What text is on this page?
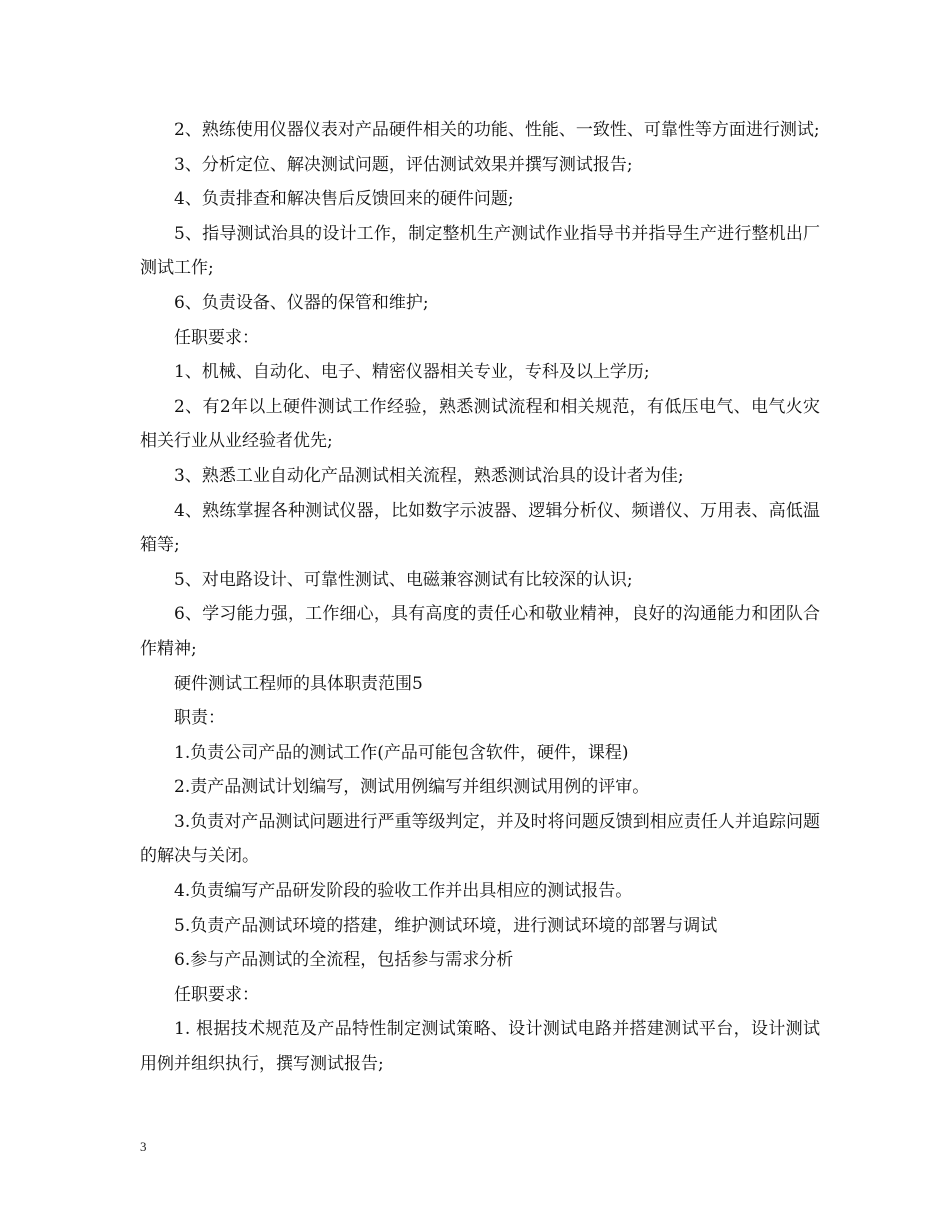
2、熟练使用仪器仪表对产品硬件相关的功能、性能、一致性、可靠性等方面进行测试;

3、分析定位、解决测试问题，评估测试效果并撰写测试报告;

4、负责排查和解决售后反馈回来的硬件问题;

5、指导测试治具的设计工作，制定整机生产测试作业指导书并指导生产进行整机出厂测试工作;

6、负责设备、仪器的保管和维护;

任职要求：

1、机械、自动化、电子、精密仪器相关专业，专科及以上学历;

2、有2年以上硬件测试工作经验，熟悉测试流程和相关规范，有低压电气、电气火灾相关行业从业经验者优先;

3、熟悉工业自动化产品测试相关流程，熟悉测试治具的设计者为佳;

4、熟练掌握各种测试仪器，比如数字示波器、逻辑分析仪、频谱仪、万用表、高低温箱等;

5、对电路设计、可靠性测试、电磁兼容测试有比较深的认识;

6、学习能力强，工作细心，具有高度的责任心和敬业精神，良好的沟通能力和团队合作精神;

硬件测试工程师的具体职责范围5

职责：

1.负责公司产品的测试工作(产品可能包含软件，硬件，课程)

2.责产品测试计划编写，测试用例编写并组织测试用例的评审。

3.负责对产品测试问题进行严重等级判定，并及时将问题反馈到相应责任人并追踪问题的解决与关闭。

4.负责编写产品研发阶段的验收工作并出具相应的测试报告。

5.负责产品测试环境的搭建，维护测试环境，进行测试环境的部署与调试

6.参与产品测试的全流程，包括参与需求分析

任职要求：

1. 根据技术规范及产品特性制定测试策略、设计测试电路并搭建测试平台，设计测试用例并组织执行，撰写测试报告;

3
